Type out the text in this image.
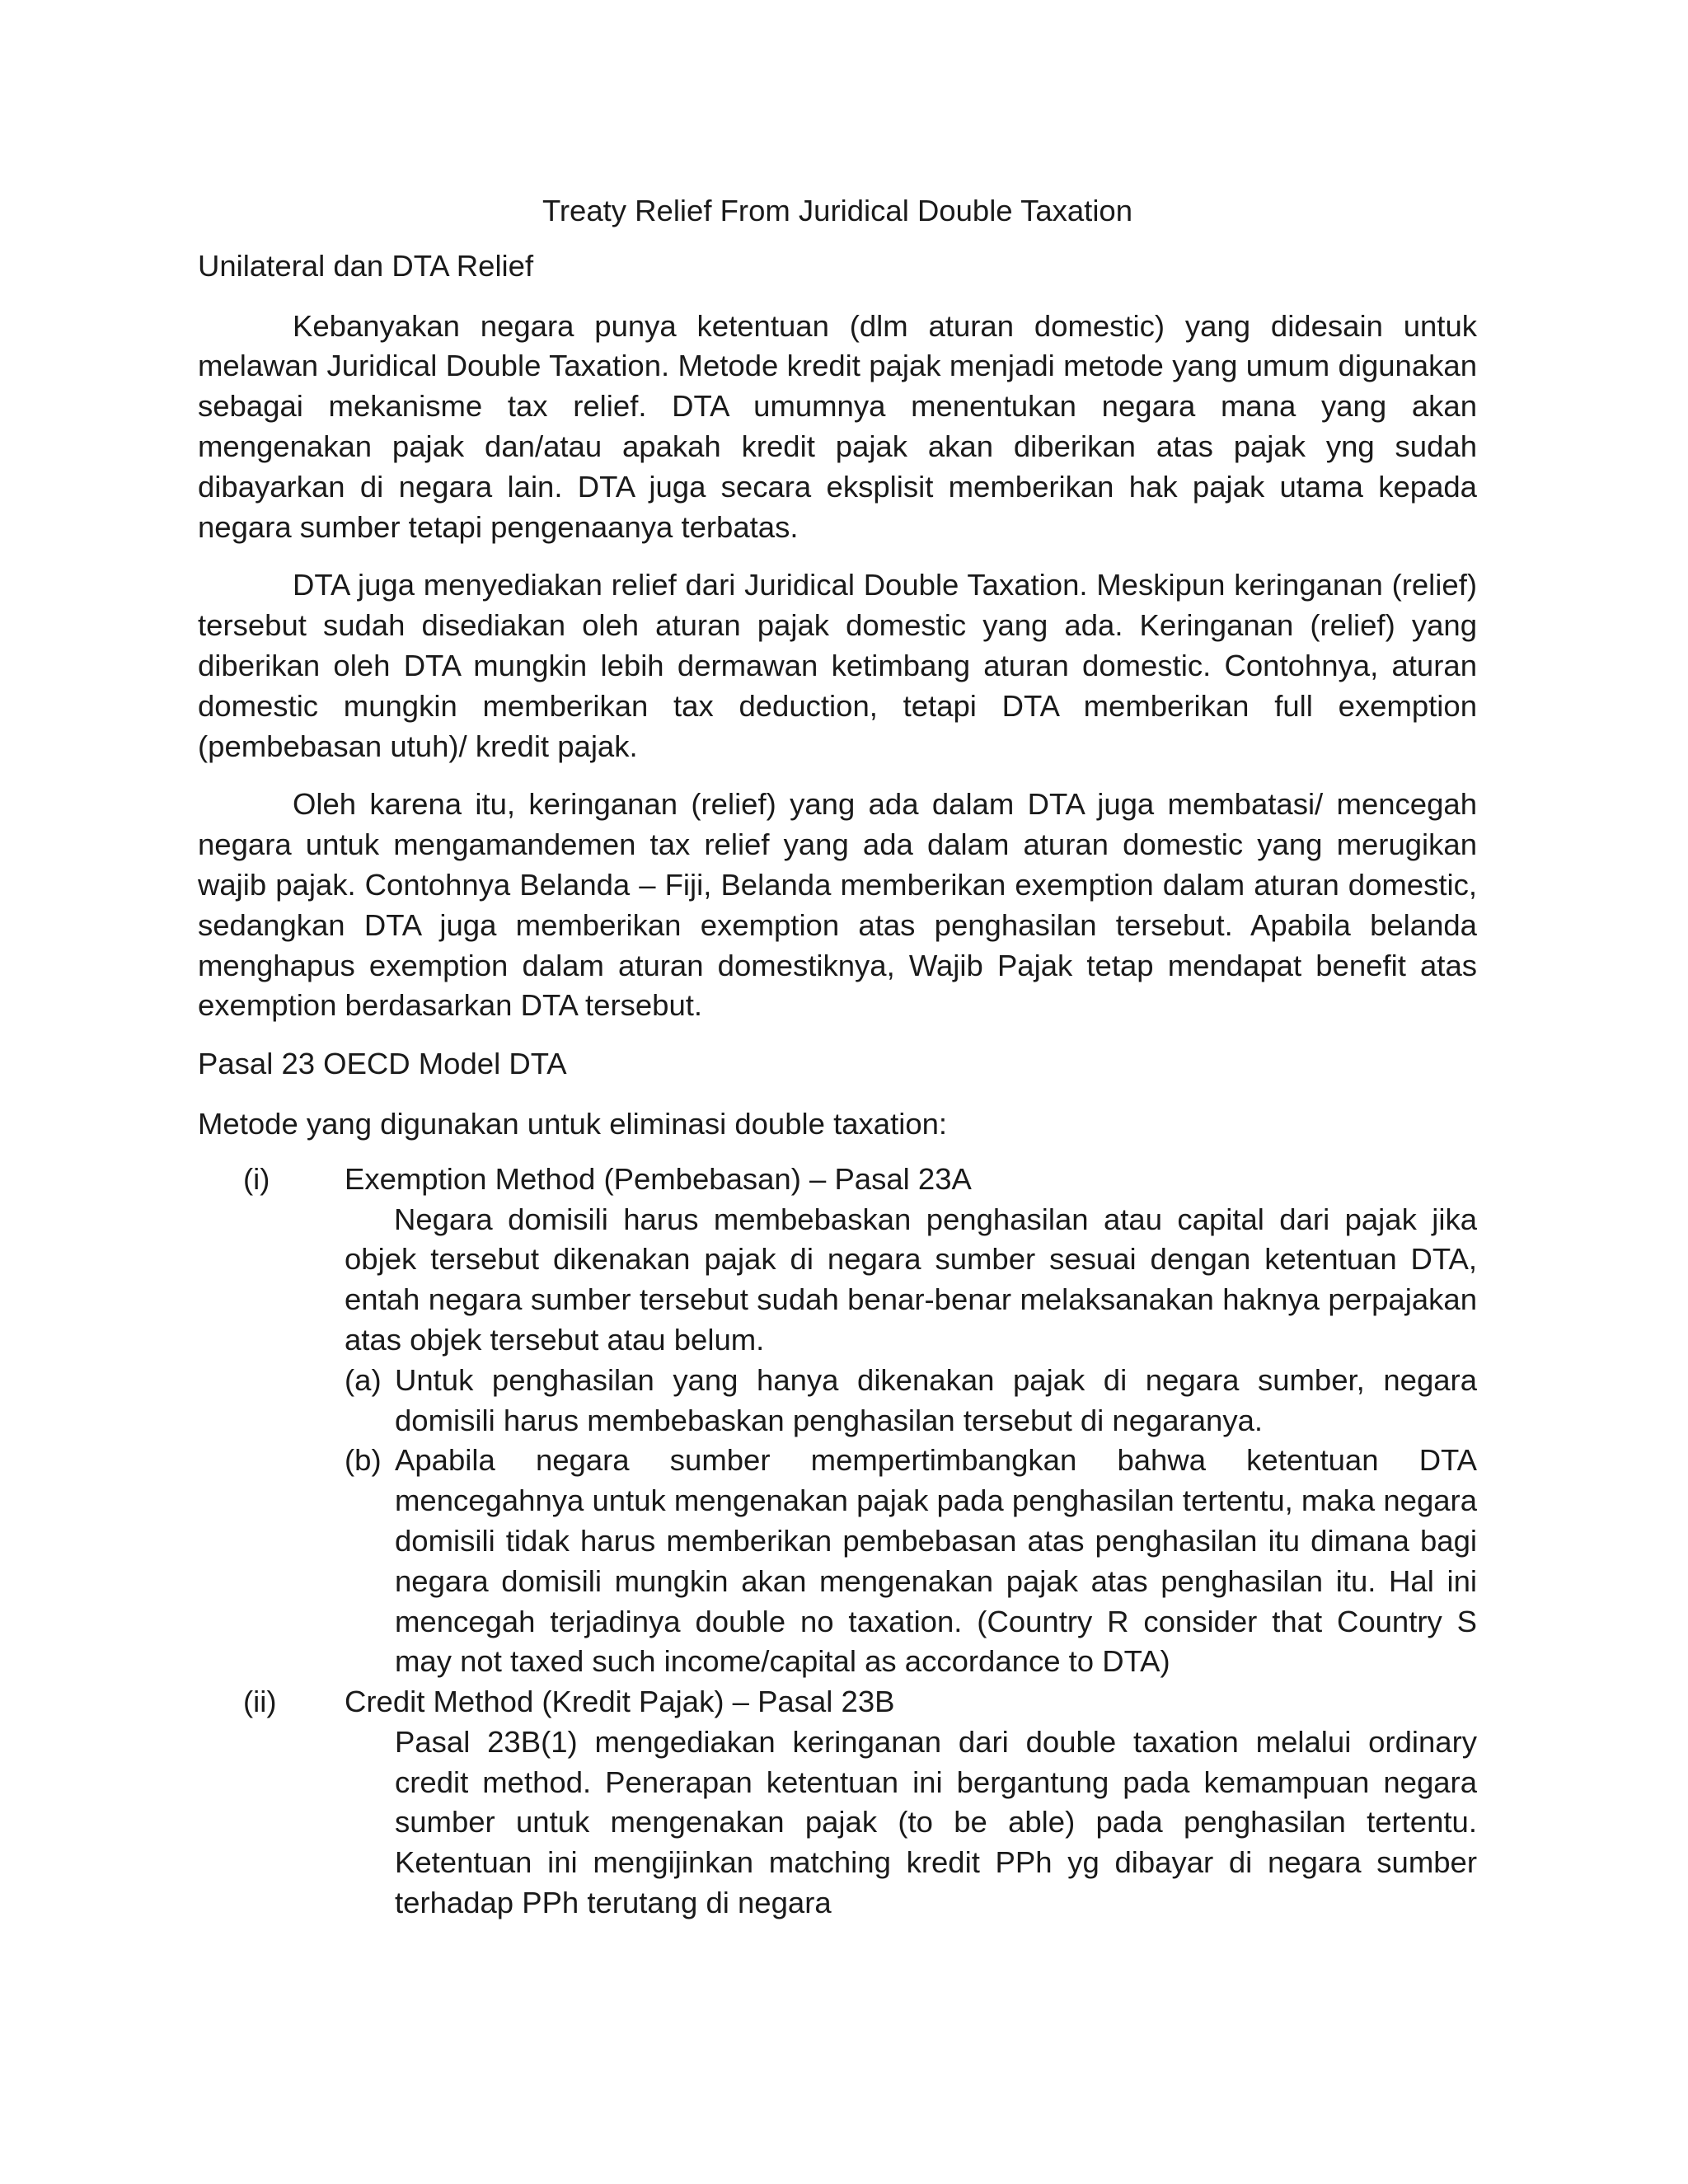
Treaty Relief From Juridical Double Taxation

Unilateral dan DTA Relief

Kebanyakan negara punya ketentuan (dlm aturan domestic) yang didesain untuk melawan Juridical Double Taxation. Metode kredit pajak menjadi metode yang umum digunakan sebagai mekanisme tax relief. DTA umumnya menentukan negara mana yang akan mengenakan pajak dan/atau apakah kredit pajak akan diberikan atas pajak yng sudah dibayarkan di negara lain. DTA juga secara eksplisit memberikan hak pajak utama kepada negara sumber tetapi pengenaanya terbatas.

DTA juga menyediakan relief dari Juridical Double Taxation. Meskipun keringanan (relief) tersebut sudah disediakan oleh aturan pajak domestic yang ada. Keringanan (relief) yang diberikan oleh DTA mungkin lebih dermawan ketimbang aturan domestic. Contohnya, aturan domestic mungkin memberikan tax deduction, tetapi DTA memberikan full exemption (pembebasan utuh)/ kredit pajak.

Oleh karena itu, keringanan (relief) yang ada dalam DTA juga membatasi/ mencegah negara untuk mengamandemen tax relief yang ada dalam aturan domestic yang merugikan wajib pajak. Contohnya Belanda – Fiji, Belanda memberikan exemption dalam aturan domestic, sedangkan DTA juga memberikan exemption atas penghasilan tersebut. Apabila belanda menghapus exemption dalam aturan domestiknya, Wajib Pajak tetap mendapat benefit atas exemption berdasarkan DTA tersebut.

Pasal 23 OECD Model DTA

Metode yang digunakan untuk eliminasi double taxation:

(i) Exemption Method (Pembebasan) – Pasal 23A

Negara domisili harus membebaskan penghasilan atau capital dari pajak jika objek tersebut dikenakan pajak di negara sumber sesuai dengan ketentuan DTA, entah negara sumber tersebut sudah benar-benar melaksanakan haknya perpajakan atas objek tersebut atau belum.

(a) Untuk penghasilan yang hanya dikenakan pajak di negara sumber, negara domisili harus membebaskan penghasilan tersebut di negaranya.
(b) Apabila negara sumber mempertimbangkan bahwa ketentuan DTA mencegahnya untuk mengenakan pajak pada penghasilan tertentu, maka negara domisili tidak harus memberikan pembebasan atas penghasilan itu dimana bagi negara domisili mungkin akan mengenakan pajak atas penghasilan itu. Hal ini mencegah terjadinya double no taxation. (Country R consider that Country S may not taxed such income/capital as accordance to DTA)
(ii) Credit Method (Kredit Pajak) – Pasal 23B

Pasal 23B(1) mengediakan keringanan dari double taxation melalui ordinary credit method. Penerapan ketentuan ini bergantung pada kemampuan negara sumber untuk mengenakan pajak (to be able) pada penghasilan tertentu. Ketentuan ini mengijinkan matching kredit PPh yg dibayar di negara sumber terhadap PPh terutang di negara
